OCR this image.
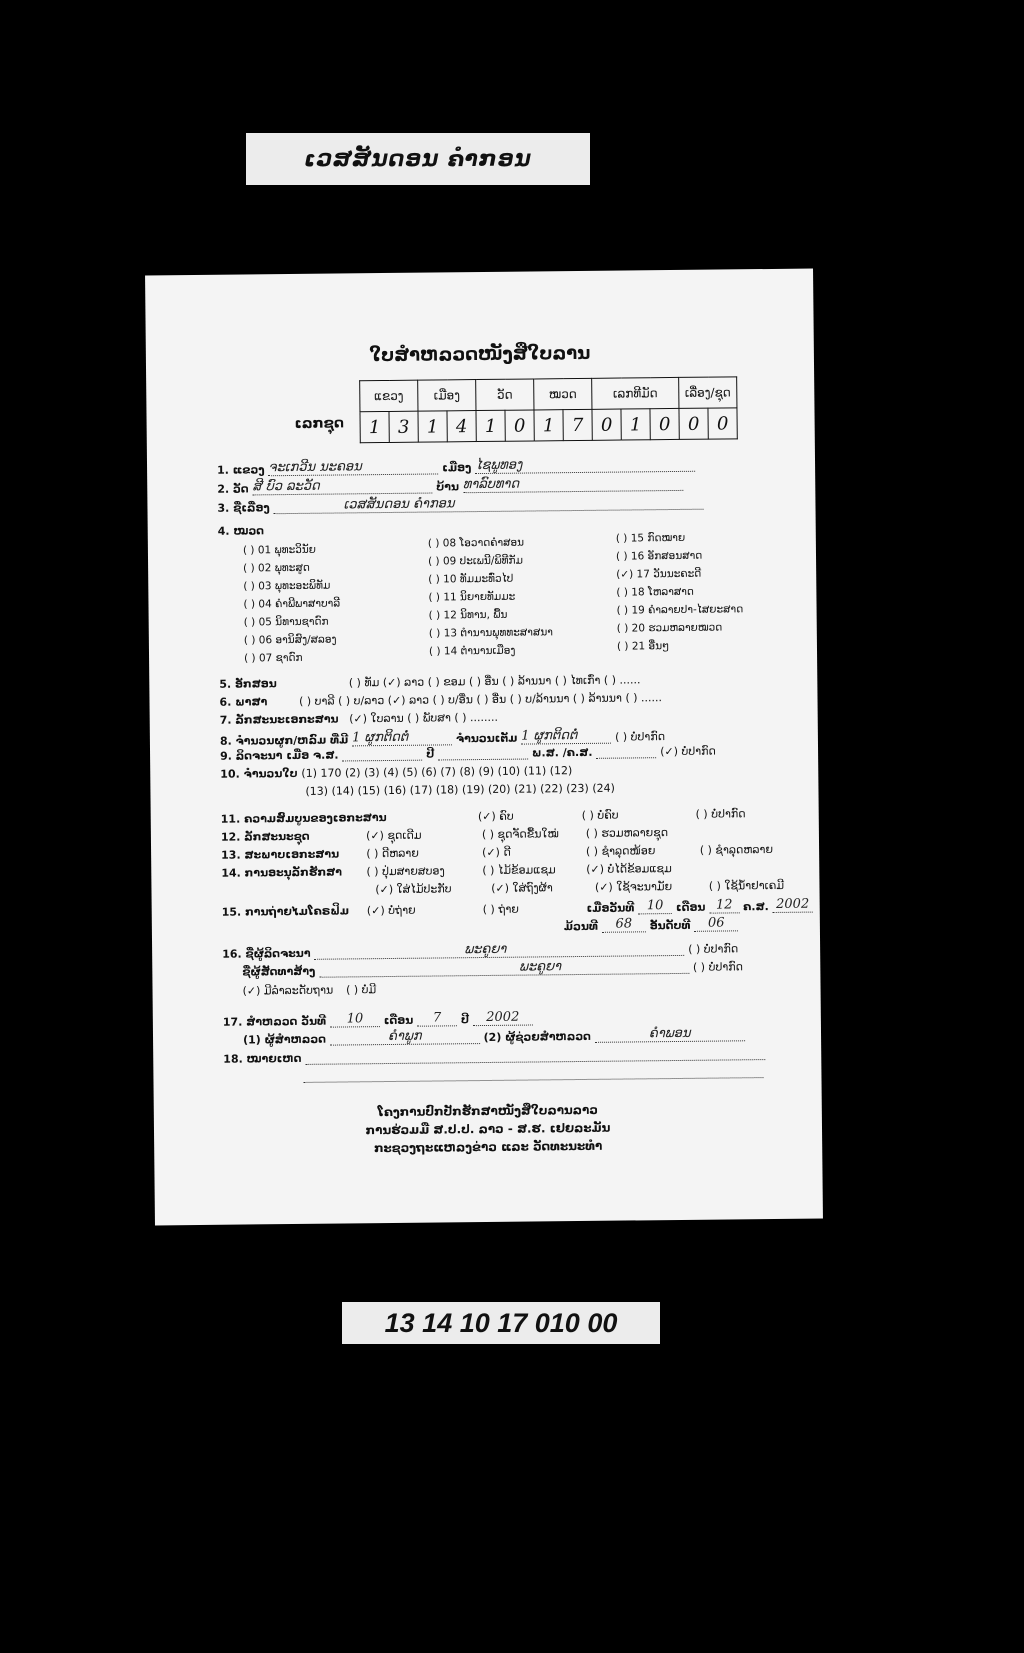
ເວສສັນດອນ ຄຳກອນ
ໃບສຳຫລວດໜັງສືໃບລານ
ເລກຊຸດ
ແຂວງ		ເມືອງ		ວັດ		ໝວດ		ເລກທີມັດ			ເລື່ອງ/ຊຸດ	
1	3	1	4	1	0	1	7	0	1	0	0	0
1. ແຂວງ ຈະເກວີນ ນະຄອນ	ເມືອງ ໄຊພູທອງ
2. ວັດ ສີ ບົວ ລະວັດ	ບ້ານ ທາລົບທາດ
3. ຊື່ເລື່ອງ	ເວສສັນດອນ ຄຳກອນ
4. ໝວດ
( ) 01 ພຸທະວິນັຍ
( ) 02 ພຸທະສູດ
( ) 03 ພຸທະອະພິທັມ
( ) 04 ຄຳພີພາສາບາລີ
( ) 05 ນິທານຊາດົກ
( ) 06 ອານິສົງ/ສລອງ
( ) 07 ຊາດົກ
( ) 08 ໂອວາດຄຳສອນ
( ) 09 ປະເພນີ/ພິທີກັມ
( ) 10 ທັມມະທົ່ວໄປ
( ) 11 ນິຍາຍທັມມະ
( ) 12 ນິທານ, ພື້ນ
( ) 13 ຕຳນານພຸທທະສາສນາ
( ) 14 ຕຳນານເມືອງ
( ) 15 ກົດໝາຍ
( ) 16 ອັກສອນສາດ
(✓) 17 ວັນນະຄະດີ
( ) 18 ໂຫລາສາດ
( ) 19 ຄຳລາຍປາ-ໄສຍະສາດ
( ) 20 ຮວມຫລາຍໝວດ
( ) 21 ອື່ນໆ
5. ອັກສອນ	( ) ທັມ (✓) ລາວ ( ) ຂອມ ( ) ອື່ນ ( ) ລ້ານນາ ( ) ໄທເກົ່າ ( ) ......
6. ພາສາ	( ) ບາລີ ( ) ບ/ລາວ (✓) ລາວ ( ) ບ/ອື່ນ ( ) ອື່ນ ( ) ບ/ລ້ານນາ ( ) ລ້ານນາ ( ) ......
7. ລັກສະນະເອກະສານ (✓) ໃບລານ ( ) ພັບສາ ( ) ........
8. ຈຳນວນຜູກ/ຫລົມ ທີ່ມີ 1 ຜູກຕິດຕໍ່	ຈຳນວນເຕັມ 1 ຜູກຕິດຕໍ່	( ) ບໍ່ປາກົດ
9. ລິດຈະນາ ເມື່ອ ຈ.ສ.	ປີ	ພ.ສ. /ຄ.ສ.	(✓) ບໍ່ປາກົດ
10. ຈຳນວນໃບ (1) 170 (2) (3) (4) (5) (6) (7) (8) (9) (10) (11) (12)
(13) (14) (15) (16) (17) (18) (19) (20) (21) (22) (23) (24)
11. ຄວາມສົມບູນຂອງເອກະສານ	(✓) ຄົບ	( ) ບໍ່ຄົບ	( ) ບໍ່ປາກົດ
12. ລັກສະນະຊຸດ	(✓) ຊຸດເດີມ	( ) ຊຸດຈັດຂື້ນໃໝ່ ( ) ຮວມຫລາຍຊຸດ
13. ສະພາບເອກະສານ ( ) ດີຫລາຍ	(✓) ດີ	( ) ຊຳລຸດໜ້ອຍ	( ) ຊຳລຸດຫລາຍ
14. ການອະນຸລັກຮັກສາ ( ) ປຸ່ມສາຍສບອງ	( ) ໄມ້ຂ້ອມແຊມ	(✓) ບໍ່ໄດ້ຂ້ອມແຊມ
(✓) ໃສ່ໄມ້ປະກັບ	(✓) ໃສ່ຖົງຜ້າ	(✓) ໃຊ້ຈະນາມັຍ	( ) ໃຊ້ນ້ຳຢາເຄມີ
15. ການຖ່າຍໄມໂຄຣຟິມ (✓) ບໍ່ຖ່າຍ	( ) ຖ່າຍ	ເມື່ອວັນທີ 10 ເດືອນ 12 ຄ.ສ. 2002
ມ້ວນທີ 68 ອັນດັບທີ 06
16. ຊື່ຜູ້ລິດຈະນາ	ພະຄູຍາ	( ) ບໍ່ປາກົດ
ຊື່ຜູ້ສັດທາສ້າງ	ພະຄູຍາ	( ) ບໍ່ປາກົດ
(✓) ມີລຳລະດັບຖານ ( ) ບໍ່ມີ
17. ສຳຫລວດ ວັນທີ 10 ເດືອນ 7 ປີ 2002
(1) ຜູ້ສຳຫລວດ	ຄຳພູກ	(2) ຜູ້ຊ່ວຍສຳຫລວດ	ຄຳພອນ
18. ໝາຍເຫດ
ໂຄງການປົກປັກຮັກສາໜັງສືໃບລານລາວ
ການຮ່ວມມື ສ.ປ.ປ. ລາວ - ສ.ຮ. ເຢຍລະມັນ
ກະຊວງຖະແຫລງຂ່າວ ແລະ ວັດທະນະທຳ
13 14 10 17 010 00
